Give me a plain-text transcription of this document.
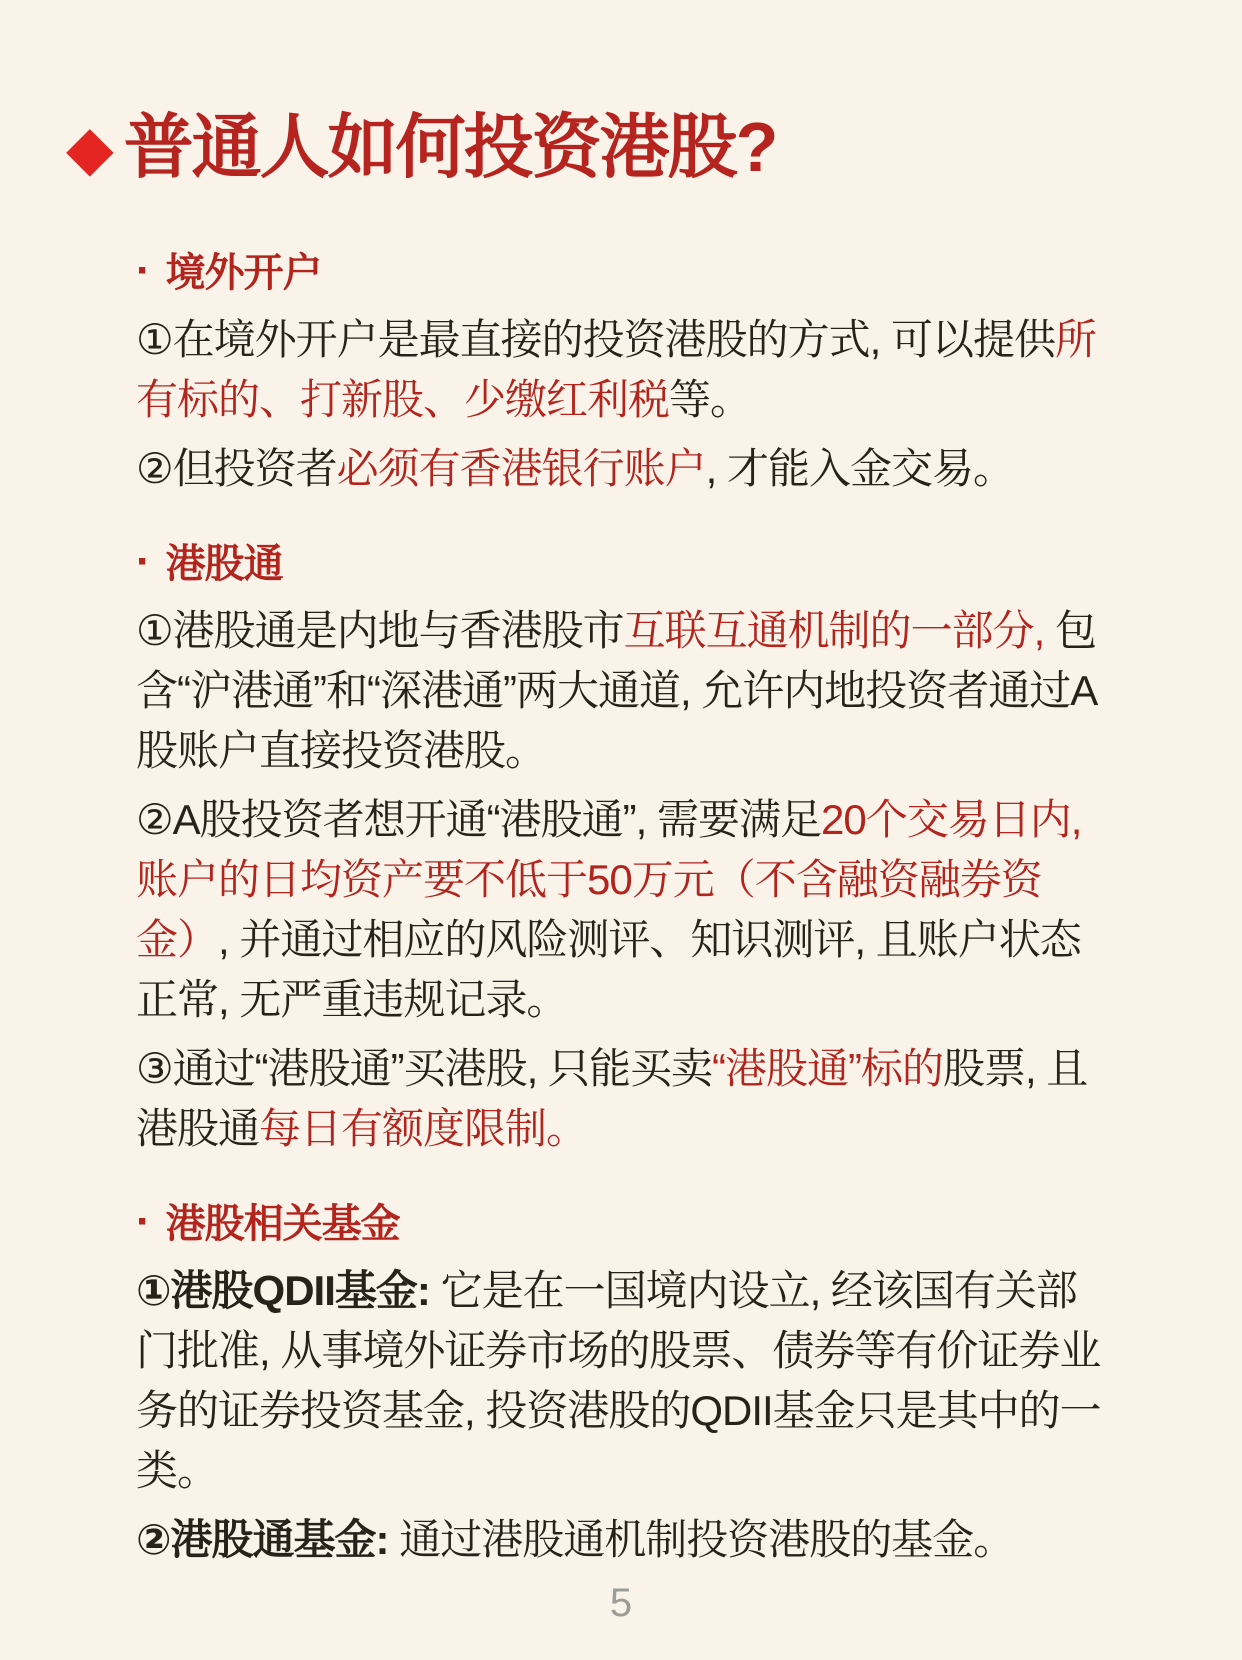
◆ 普通人如何投资港股?
· 境外开户

①在境外开户是最直接的投资港股的方式, 可以提供所有标的、打新股、少缴红利税等。

②但投资者必须有香港银行账户, 才能入金交易。

· 港股通

①港股通是内地与香港股市互联互通机制的一部分, 包含“沪港通”和“深港通”两大通道, 允许内地投资者通过A股账户直接投资港股。

②A股投资者想开通“港股通”, 需要满足20个交易日内, 账户的日均资产要不低于50万元（不含融资融券资金）, 并通过相应的风险测评、知识测评, 且账户状态正常, 无严重违规记录。

③通过“港股通”买港股, 只能买卖“港股通”标的股票, 且港股通每日有额度限制。

· 港股相关基金

①港股QDII基金: 它是在一国境内设立, 经该国有关部门批准, 从事境外证券市场的股票、债券等有价证券业务的证券投资基金, 投资港股的QDII基金只是其中的一类。

②港股通基金: 通过港股通机制投资港股的基金。

5
